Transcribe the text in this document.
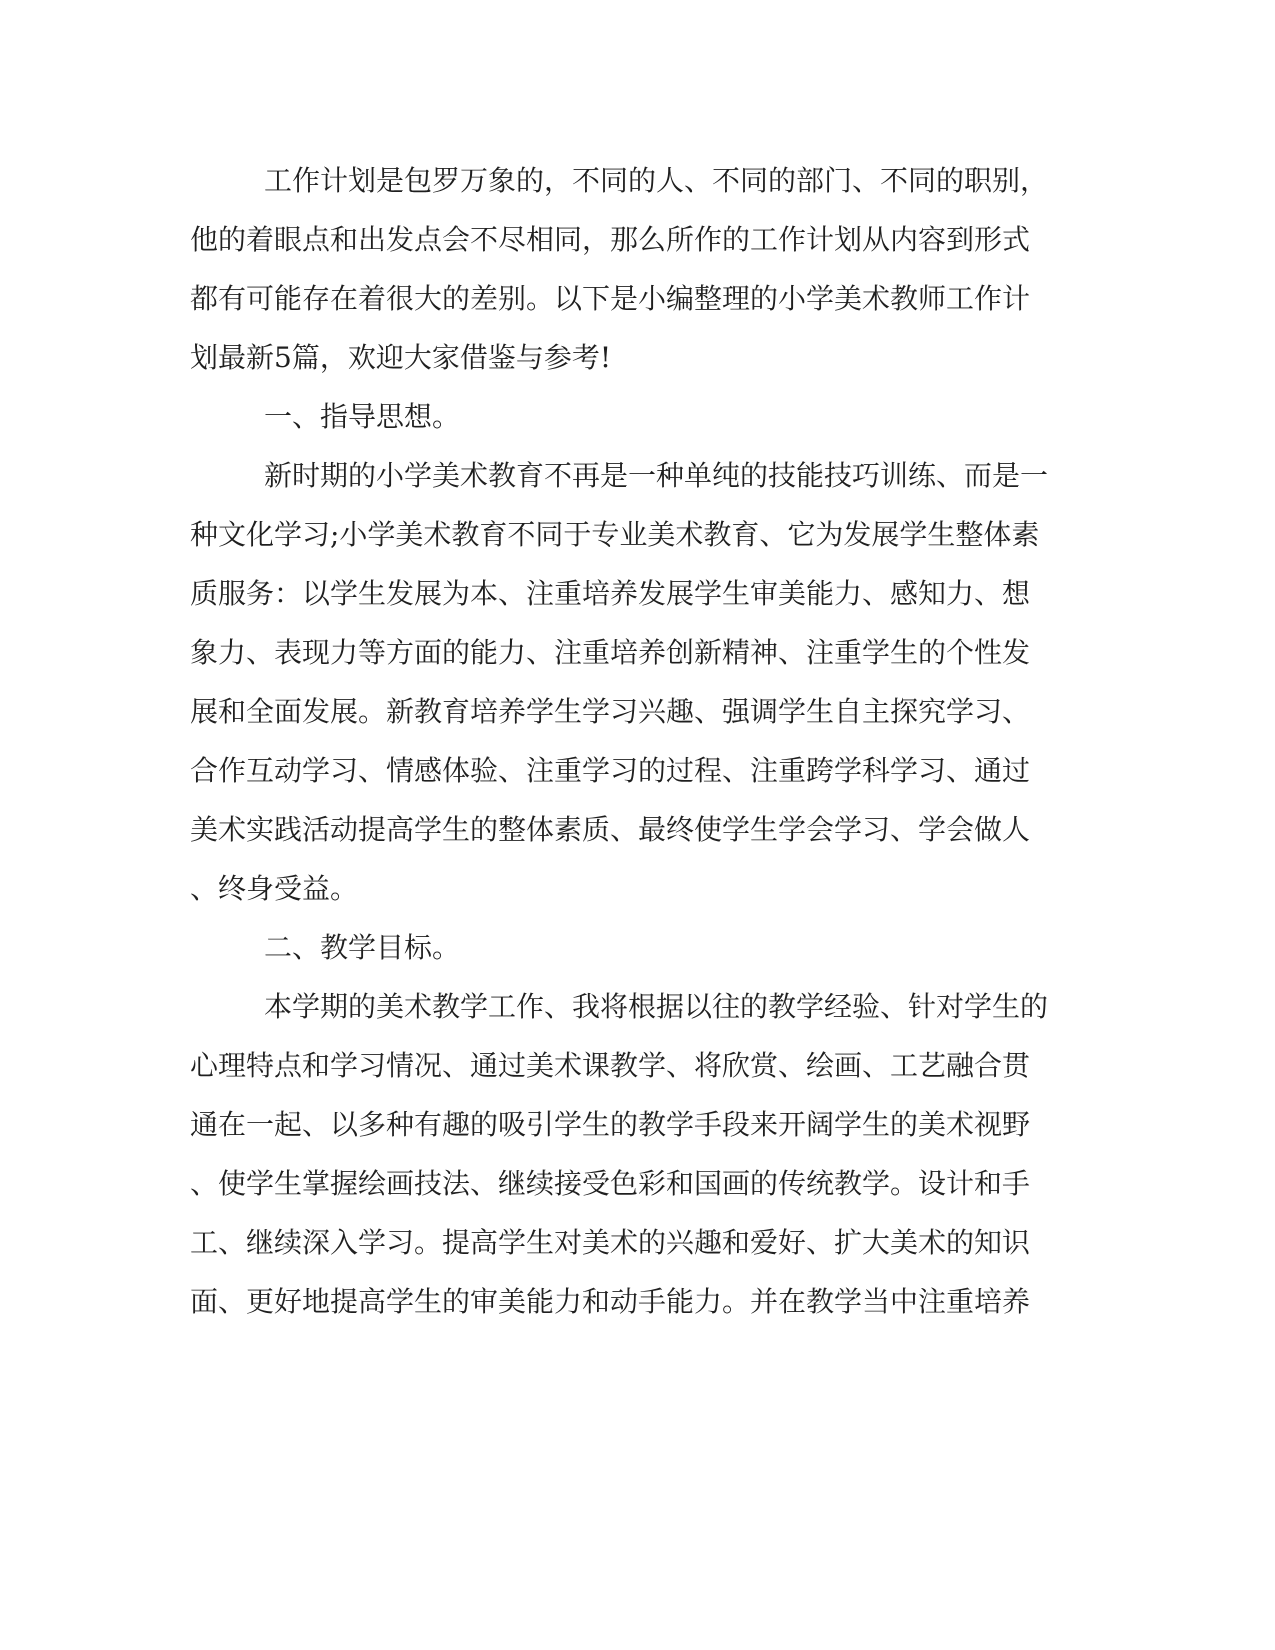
工作计划是包罗万象的，不同的人、不同的部门、不同的职别，

他的着眼点和出发点会不尽相同，那么所作的工作计划从内容到形式

都有可能存在着很大的差别。以下是小编整理的小学美术教师工作计

划最新5篇，欢迎大家借鉴与参考!

一、指导思想。

新时期的小学美术教育不再是一种单纯的技能技巧训练、而是一

种文化学习;小学美术教育不同于专业美术教育、它为发展学生整体素

质服务：以学生发展为本、注重培养发展学生审美能力、感知力、想

象力、表现力等方面的能力、注重培养创新精神、注重学生的个性发

展和全面发展。新教育培养学生学习兴趣、强调学生自主探究学习、

合作互动学习、情感体验、注重学习的过程、注重跨学科学习、通过

美术实践活动提高学生的整体素质、最终使学生学会学习、学会做人

、终身受益。

二、教学目标。

本学期的美术教学工作、我将根据以往的教学经验、针对学生的

心理特点和学习情况、通过美术课教学、将欣赏、绘画、工艺融合贯

通在一起、以多种有趣的吸引学生的教学手段来开阔学生的美术视野

、使学生掌握绘画技法、继续接受色彩和国画的传统教学。设计和手

工、继续深入学习。提高学生对美术的兴趣和爱好、扩大美术的知识

面、更好地提高学生的审美能力和动手能力。并在教学当中注重培养
